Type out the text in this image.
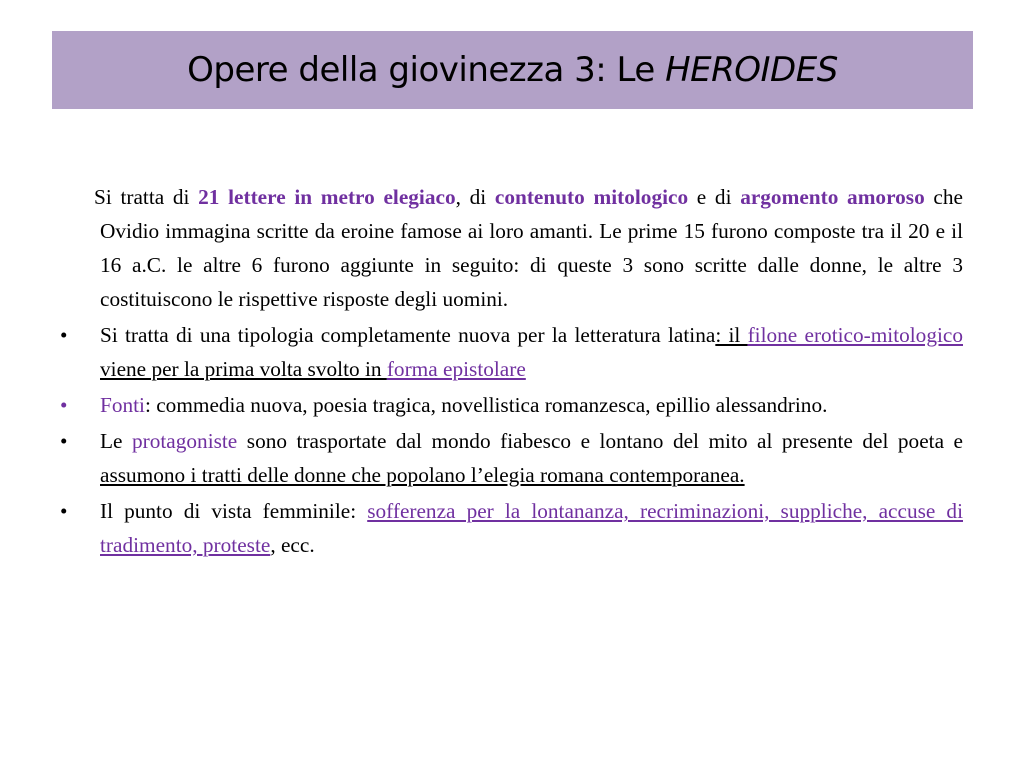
Opere della giovinezza 3: Le HEROIDES

Si tratta di 21 lettere in metro elegiaco, di contenuto mitologico e di argomento amoroso che Ovidio immagina scritte da eroine famose ai loro amanti. Le prime 15 furono composte tra il 20 e il 16 a.C. le altre 6 furono aggiunte in seguito: di queste 3 sono scritte dalle donne, le altre 3 costituiscono le rispettive risposte degli uomini.

•	Si tratta di una tipologia completamente nuova per la letteratura latina: il filone erotico-mitologico viene per la prima volta svolto in forma epistolare

•	Fonti: commedia nuova, poesia tragica, novellistica romanzesca, epillio alessandrino.

•	Le protagoniste sono trasportate dal mondo fiabesco e lontano del mito al presente del poeta e assumono i tratti delle donne che popolano l’elegia romana contemporanea.

•	Il punto di vista femminile: sofferenza per la lontananza, recriminazioni, suppliche, accuse di tradimento, proteste, ecc.
